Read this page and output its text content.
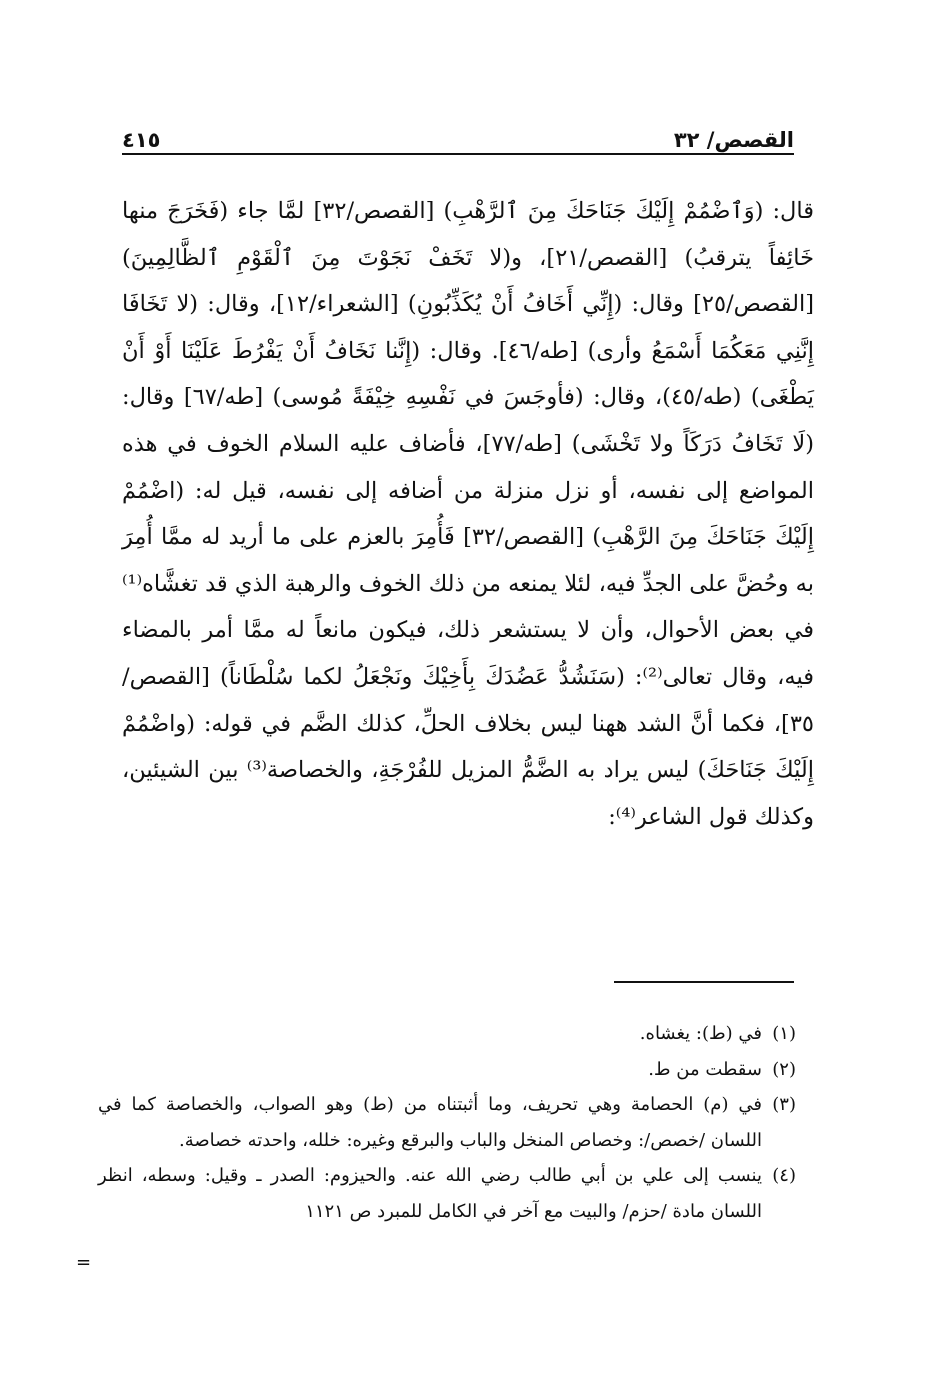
القصص/ ٣٢
٤١٥

قال: (وَٱضْمُمْ إِلَيْكَ جَنَاحَكَ مِنَ ٱلرَّهْبِ) [القصص/٣٢] لمَّا جاء (فَخَرَجَ منها خَائِفاً يترقبُ) [القصص/٢١]، و(لا تَخَفْ نَجَوْتَ مِنَ ٱلْقَوْمِ ٱلظَّالِمِينَ) [القصص/٢٥] وقال: (إِنِّي أَخَافُ أَنْ يُكَذِّبُونِ) [الشعراء/١٢]، وقال: (لا تَخَافَا إِنَّنِي مَعَكُمَا أَسْمَعُ وأرى) [طه/٤٦]. وقال: (إِنَّنا نَخَافُ أَنْ يَفْرُطَ عَلَيْنَا أَوْ أَنْ يَطْغَى) (طه/٤٥)، وقال: (فأوجَسَ في نَفْسِهِ خِيْفَةً مُوسى) [طه/٦٧] وقال: (لَا تَخَافُ دَرَكَاً ولا تَخْشَى) [طه/٧٧]، فأضاف عليه السلام الخوف في هذه المواضع إلى نفسه، أو نزل منزلة من أضافه إلى نفسه، قيل له: (اضْمُمْ إِلَيْكَ جَنَاحَكَ مِنَ الرَّهْبِ) [القصص/٣٢] فَأُمِرَ بالعزم على ما أريد له ممَّا أُمِرَ به وحُضَّ على الجدِّ فيه، لئلا يمنعه من ذلك الخوف والرهبة الذي قد تغشَّاه⁽¹⁾ في بعض الأحوال، وأن لا يستشعر ذلك، فيكون مانعاً له ممَّا أمر بالمضاء فيه، وقال تعالى⁽²⁾: (سَنَشُدُّ عَضُدَكَ بِأَخِيْكَ ونَجْعَلُ لكما سُلْطَاناً) [القصص/٣٥]، فكما أنَّ الشد ههنا ليس بخلاف الحلِّ، كذلك الضَّم في قوله: (واضْمُمْ إِلَيْكَ جَنَاحَكَ) ليس يراد به الضَّمُّ المزيل للفُرْجَةِ، والخصاصة⁽³⁾ بين الشيئين، وكذلك قول الشاعر⁽⁴⁾:

(١)
في (ط): يغشاه.
(٢)
سقطت من ط.
(٣)
في (م) الحصامة وهي تحريف، وما أثبتناه من (ط) وهو الصواب، والخصاصة كما في اللسان /خصص/: وخصاص المنخل والباب والبرقع وغيره: خلله، واحدته خصاصة.
(٤)
ينسب إلى علي بن أبي طالب رضي الله عنه. والحيزوم: الصدر ـ وقيل: وسطه، انظر اللسان مادة /حزم/ والبيت مع آخر في الكامل للمبرد ص ١١٢١
=
